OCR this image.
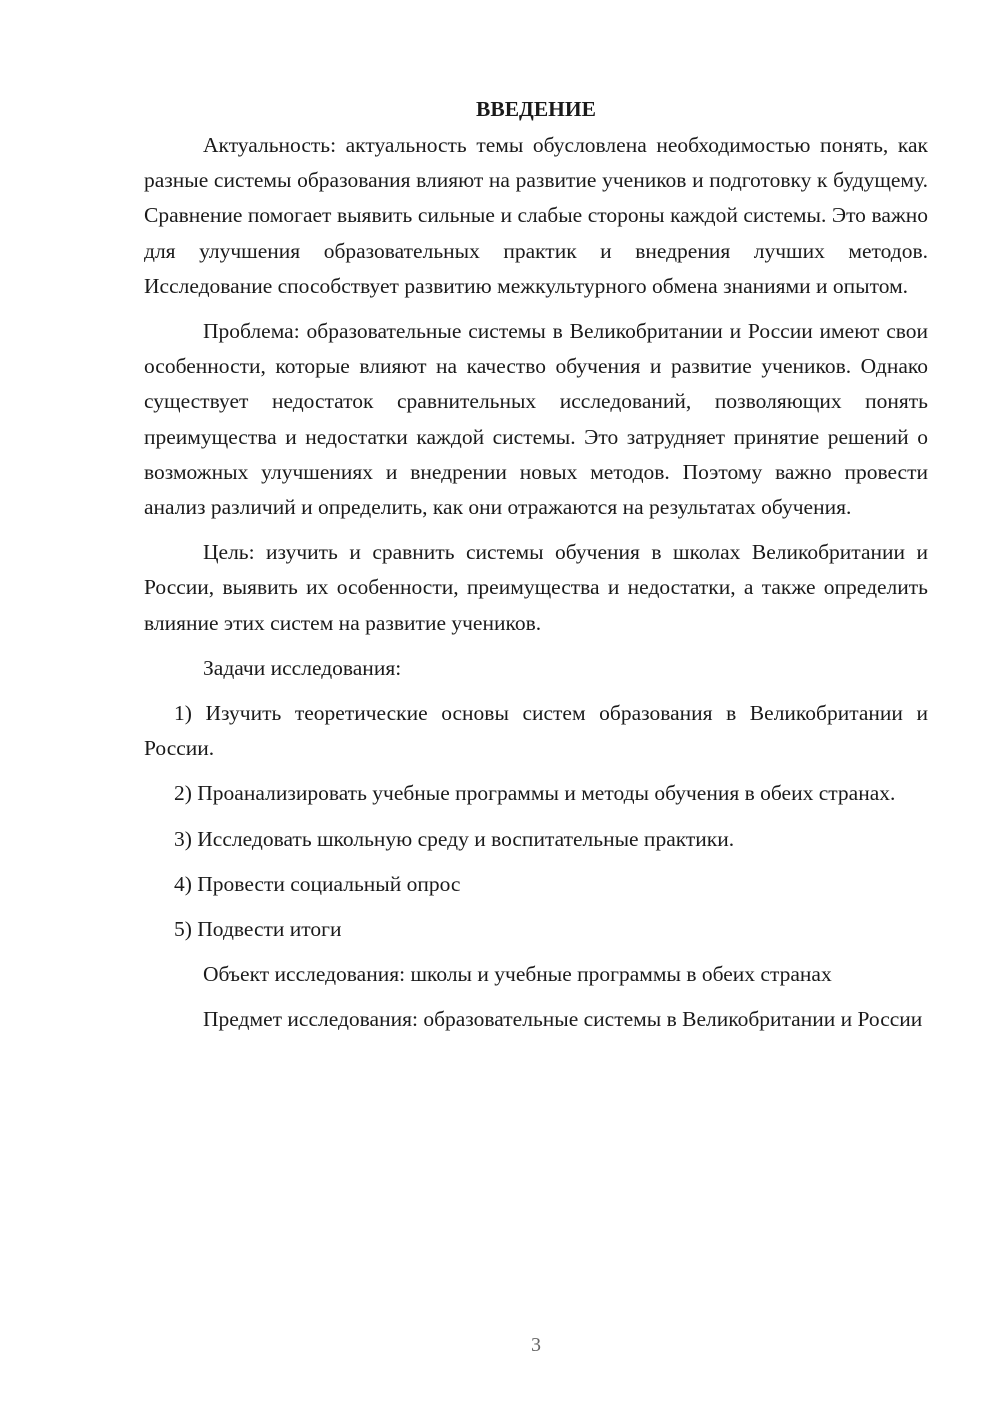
ВВЕДЕНИЕ

Актуальность: актуальность темы обусловлена необходимостью понять, как разные системы образования влияют на развитие учеников и подготовку к будущему. Сравнение помогает выявить сильные и слабые стороны каждой системы. Это важно для улучшения образовательных практик и внедрения лучших методов. Исследование способствует развитию межкультурного обмена знаниями и опытом.

Проблема: образовательные системы в Великобритании и России имеют свои особенности, которые влияют на качество обучения и развитие учеников. Однако существует недостаток сравнительных исследований, позволяющих понять преимущества и недостатки каждой системы. Это затрудняет принятие решений о возможных улучшениях и внедрении новых методов. Поэтому важно провести анализ различий и определить, как они отражаются на результатах обучения.

Цель: изучить и сравнить системы обучения в школах Великобритании и России, выявить их особенности, преимущества и недостатки, а также определить влияние этих систем на развитие учеников.

Задачи исследования:

1) Изучить теоретические основы систем образования в Великобритании и России.

2) Проанализировать учебные программы и методы обучения в обеих странах.

3) Исследовать школьную среду и воспитательные практики.

4) Провести социальный опрос

5) Подвести итоги

Объект исследования: школы и учебные программы в обеих странах

Предмет исследования: образовательные системы в Великобритании и России

3
